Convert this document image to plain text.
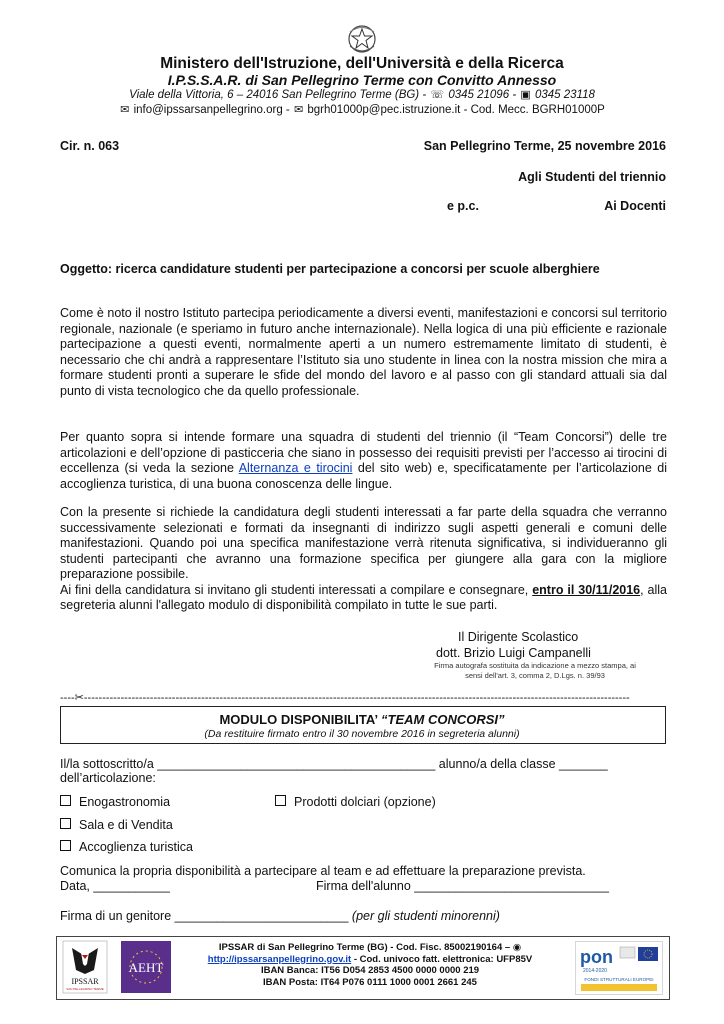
Ministero dell'Istruzione, dell'Università e della Ricerca
I.P.S.S.A.R. di San Pellegrino Terme con Convitto Annesso
Viale della Vittoria, 6 – 24016 San Pellegrino Terme (BG) - ☏ 0345 21096 - ▣ 0345 23118
✉ info@ipssarsanpellegrino.org - ✉ bgrh01000p@pec.istruzione.it - Cod. Mecc. BGRH01000P
Cir. n. 063	San Pellegrino Terme, 25 novembre 2016
Agli Studenti del triennio
e p.c.	Ai Docenti
Oggetto: ricerca candidature studenti per partecipazione a concorsi per scuole alberghiere
Come è noto il nostro Istituto partecipa periodicamente a diversi eventi, manifestazioni e concorsi sul territorio regionale, nazionale (e speriamo in futuro anche internazionale). Nella logica di una più efficiente e razionale partecipazione a questi eventi, normalmente aperti a un numero estremamente limitato di studenti, è necessario che chi andrà a rappresentare l’Istituto sia uno studente in linea con la nostra mission che mira a formare studenti pronti a superare le sfide del mondo del lavoro e al passo con gli standard attuali sia dal punto di vista tecnologico che da quello professionale.
Per quanto sopra si intende formare una squadra di studenti del triennio (il “Team Concorsi”) delle tre articolazioni e dell’opzione di pasticceria che siano in possesso dei requisiti previsti per l’accesso ai tirocini di eccellenza (si veda la sezione Alternanza e tirocini del sito web) e, specificatamente per l’articolazione di accoglienza turistica, di una buona conoscenza delle lingue.
Con la presente si richiede la candidatura degli studenti interessati a far parte della squadra che verranno successivamente selezionati e formati da insegnanti di indirizzo sugli aspetti generali e comuni delle manifestazioni. Quando poi una specifica manifestazione verrà ritenuta significativa, si individueranno gli studenti partecipanti che avranno una formazione specifica per giungere alla gara con la migliore preparazione possibile.
Ai fini della candidatura si invitano gli studenti interessati a compilare e consegnare, entro il 30/11/2016, alla segreteria alunni l'allegato modulo di disponibilità compilato in tutte le sue parti.
Il Dirigente Scolastico
dott. Brizio Luigi Campanelli
Firma autografa sostituita da indicazione a mezzo stampa, ai sensi dell'art. 3, comma 2, D.Lgs. n. 39/93
----✂-----------------------------------------------------------------------------------------------------------------------------------------------------
MODULO DISPONIBILITA’ “TEAM CONCORSI”
(Da restituire firmato entro il 30 novembre 2016 in segreteria alunni)
Il/la sottoscritto/a ________________________________________ alunno/a della classe _______
dell’articolazione:
Enogastronomia	Prodotti dolciari (opzione)
Sala e di Vendita
Accoglienza turistica
Comunica la propria disponibilità a partecipare al team e ad effettuare la preparazione prevista.
Data, ___________	Firma dell'alunno ____________________________
Firma di un genitore _________________________ (per gli studenti minorenni)
IPSSAR
SAN PELLEGRINO TERME
AEHT
IPSSAR di San Pellegrino Terme (BG) - Cod. Fisc. 85002190164 – ◉
http://ipssarsanpellegrino.gov.it - Cod. univoco fatt. elettronica: UFP85V
IBAN Banca: IT56 D054 2853 4500 0000 0000 219
IBAN Posta: IT64 P076 0111 1000 0001 2661 245
pon
2014-2020
FONDI STRUTTURALI EUROPEI
